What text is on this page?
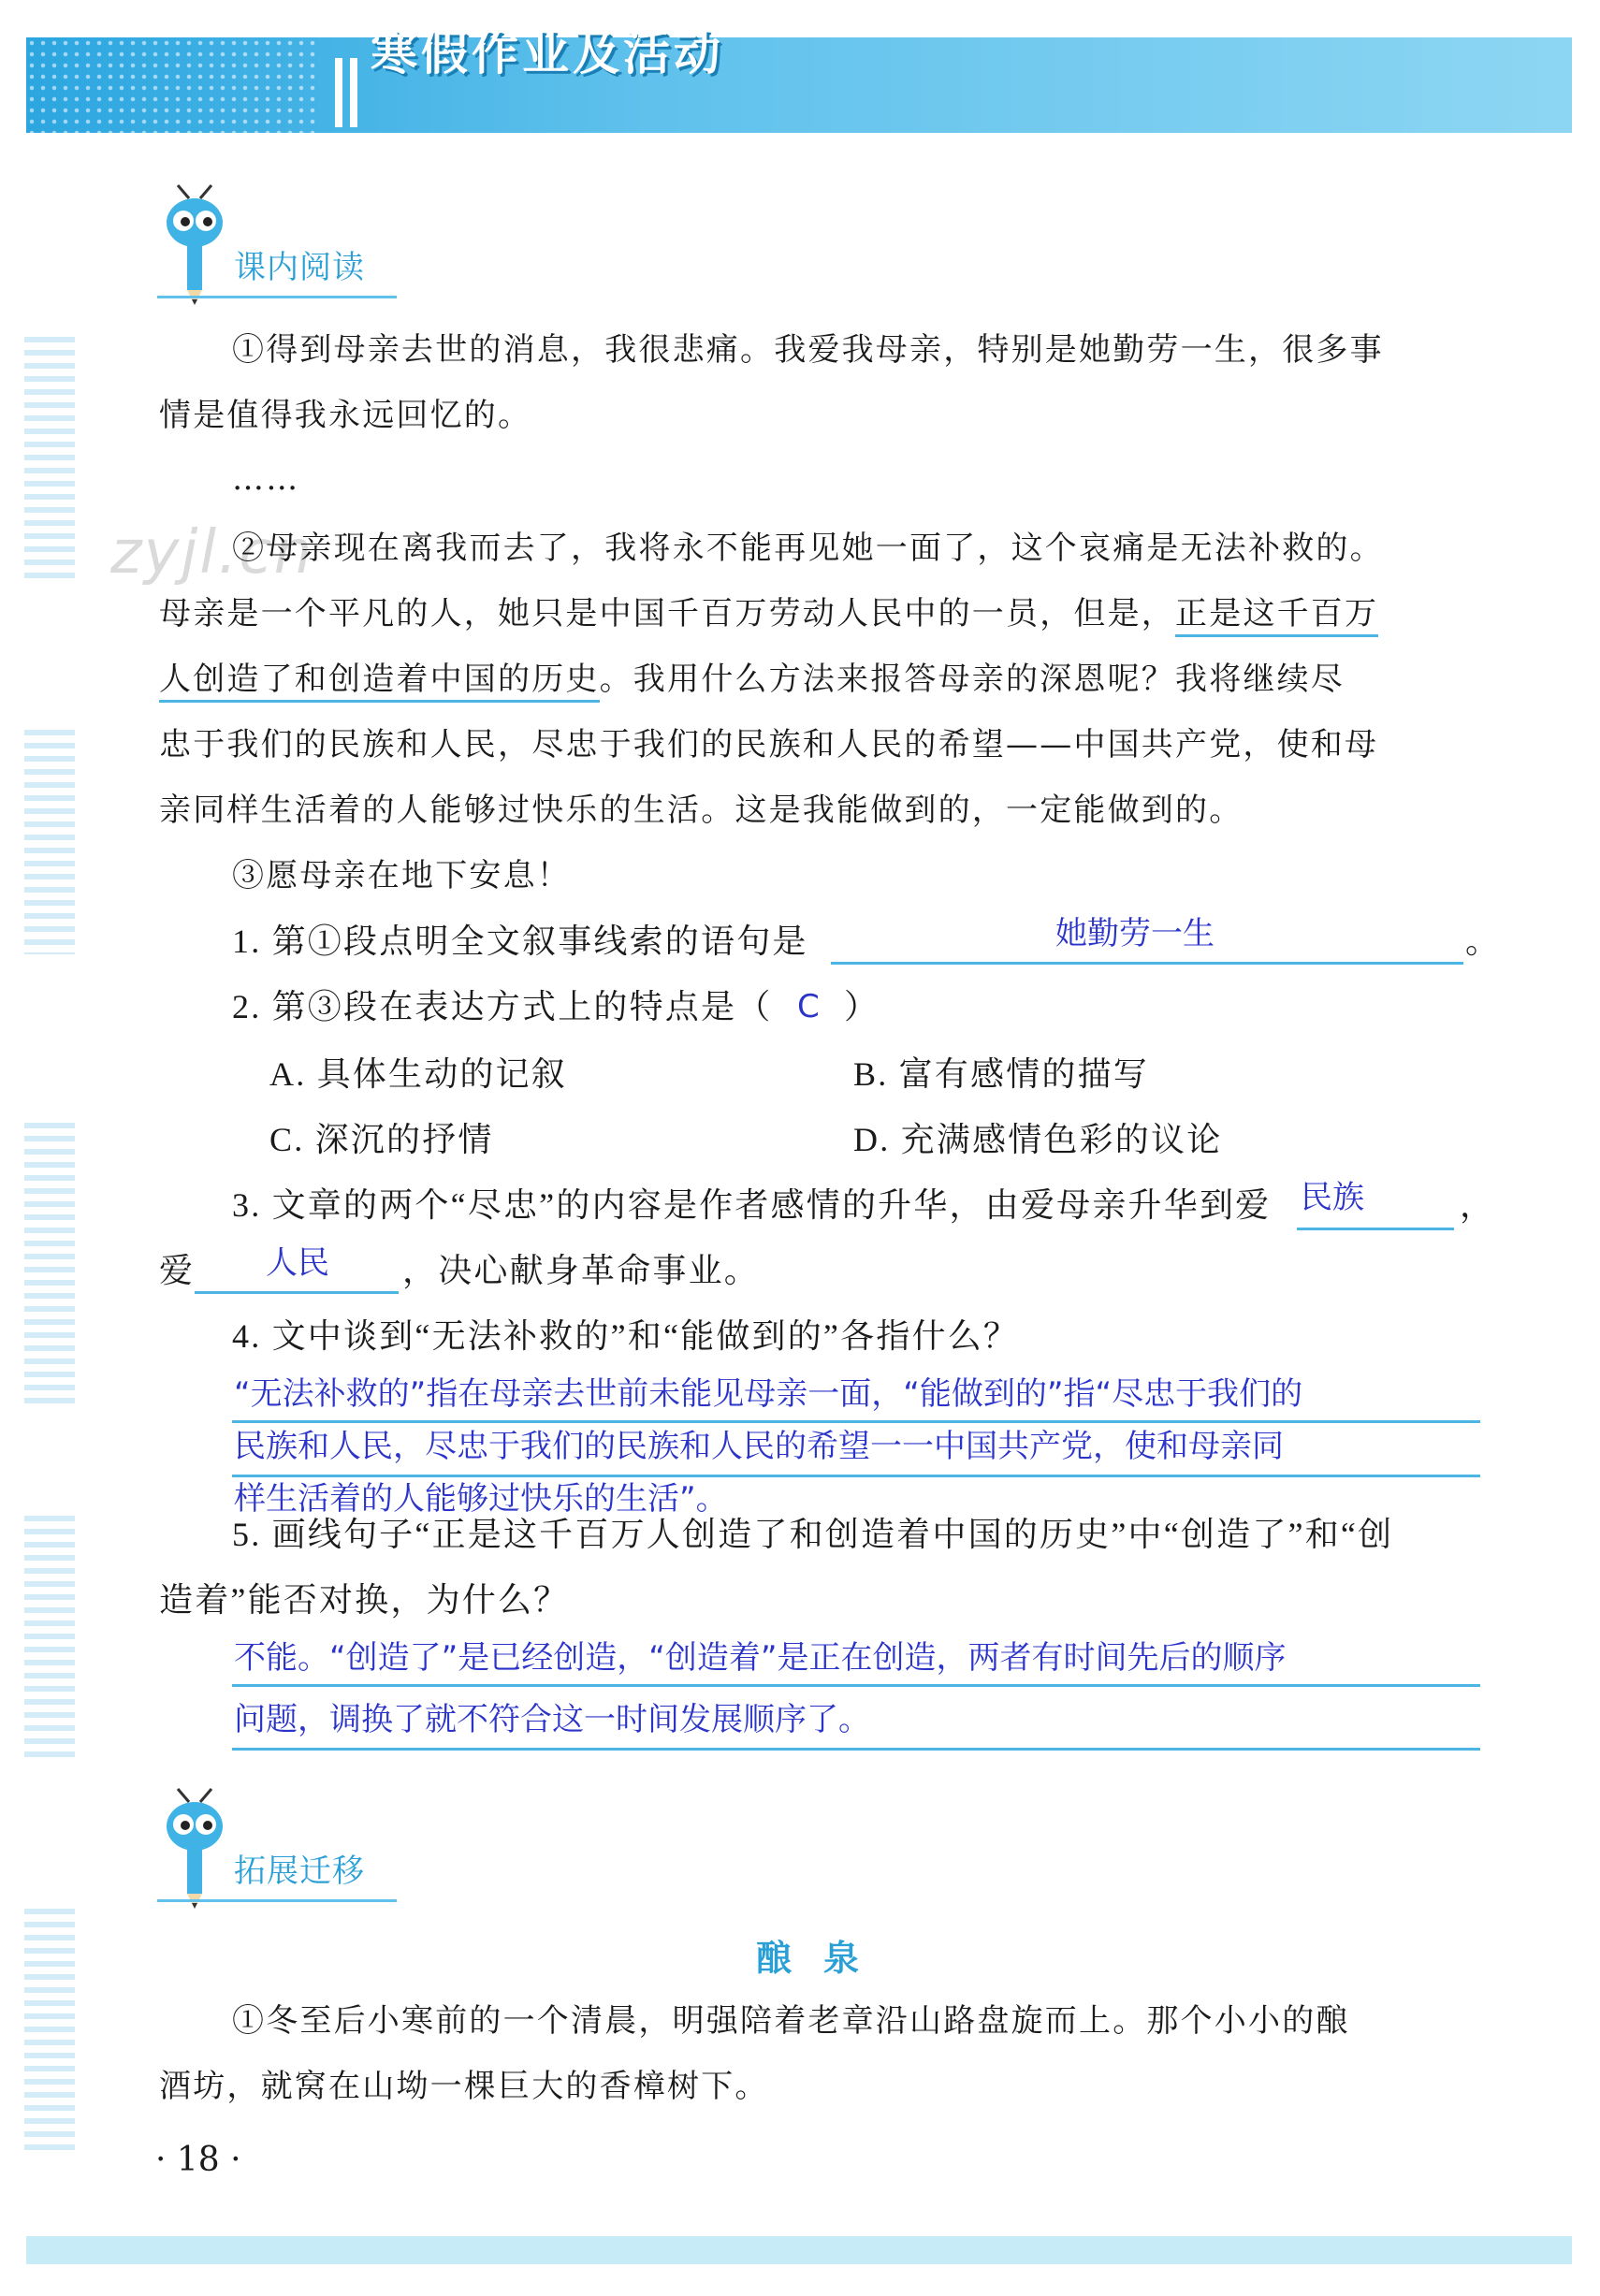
寒假作业及活动
课内阅读
zyjl.cn
①得到母亲去世的消息，我很悲痛。我爱我母亲，特别是她勤劳一生，很多事
情是值得我永远回忆的。
……
②母亲现在离我而去了，我将永不能再见她一面了，这个哀痛是无法补救的。
母亲是一个平凡的人，她只是中国千百万劳动人民中的一员，但是，正是这千百万
人创造了和创造着中国的历史。我用什么方法来报答母亲的深恩呢？我将继续尽
忠于我们的民族和人民，尽忠于我们的民族和人民的希望——中国共产党，使和母
亲同样生活着的人能够过快乐的生活。这是我能做到的，一定能做到的。
③愿母亲在地下安息！
1. 第①段点明全文叙事线索的语句是	她勤劳一生	。
2. 第③段在表达方式上的特点是（ C ）
A. 具体生动的记叙	B. 富有感情的描写
C. 深沉的抒情	D. 充满感情色彩的议论
3. 文章的两个“尽忠”的内容是作者感情的升华，由爱母亲升华到爱 民族	，
爱 人民 ，决心献身革命事业。
4. 文中谈到“无法补救的”和“能做到的”各指什么？
“无法补救的”指在母亲去世前未能见母亲一面，“能做到的”指“尽忠于我们的
民族和人民，尽忠于我们的民族和人民的希望一一中国共产党，使和母亲同
样生活着的人能够过快乐的生活”。
5. 画线句子“正是这千百万人创造了和创造着中国的历史”中“创造了”和“创
造着”能否对换，为什么？
不能。“创造了”是已经创造，“创造着”是正在创造，两者有时间先后的顺序
问题，调换了就不符合这一时间发展顺序了。
拓展迁移
酿泉
①冬至后小寒前的一个清晨，明强陪着老章沿山路盘旋而上。那个小小的酿
酒坊，就窝在山坳一棵巨大的香樟树下。
· 18 ·
